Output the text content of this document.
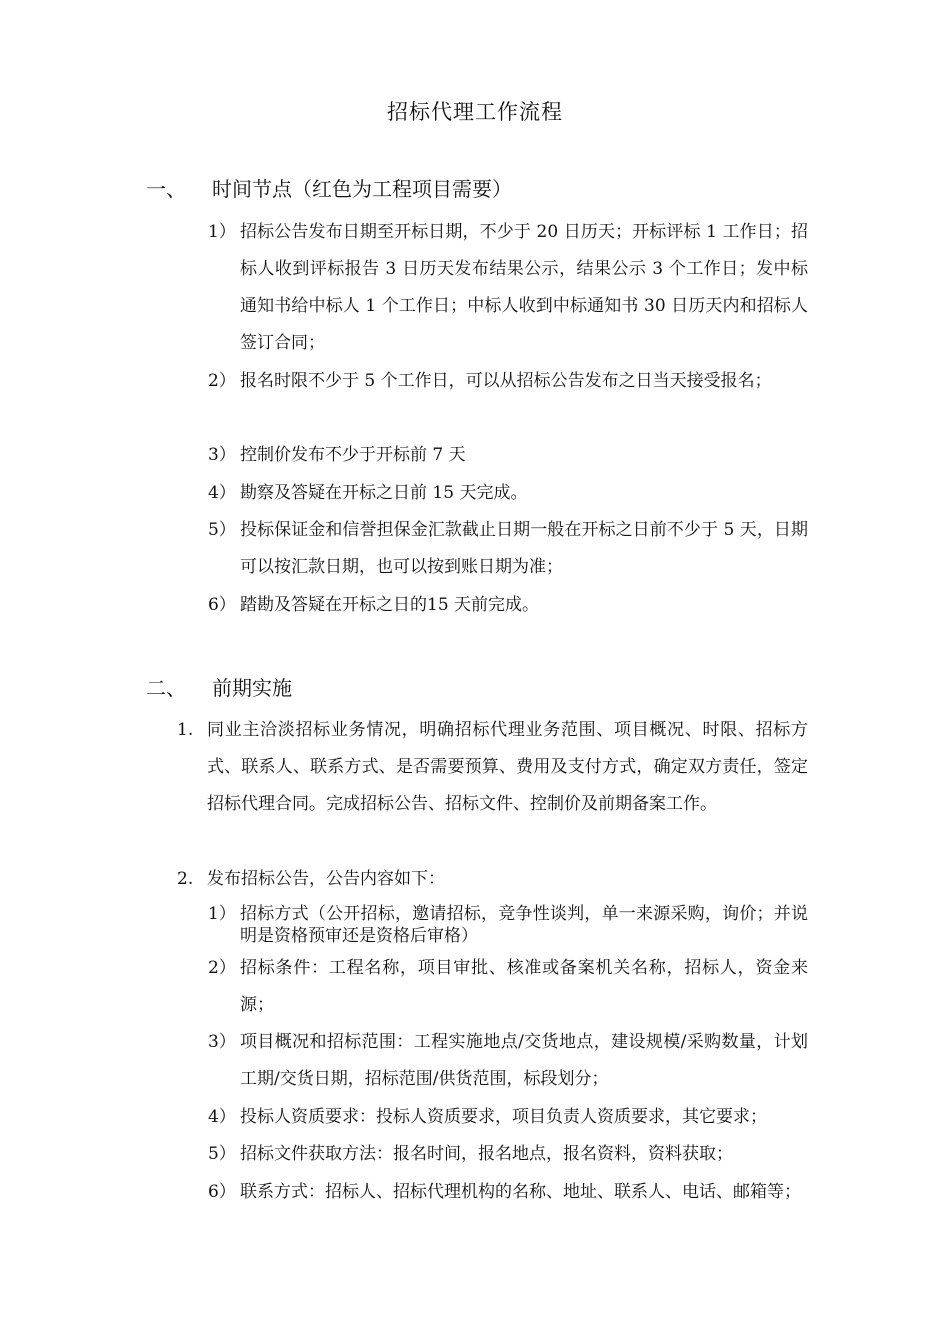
招标代理工作流程
一、 时间节点（红色为工程项目需要）

1） 招标公告发布日期至开标日期，不少于 20 日历天；开标评标 1 工作日；招标人收到评标报告 3 日历天发布结果公示，结果公示 3 个工作日；发中标通知书给中标人 1 个工作日；中标人收到中标通知书 30 日历天内和招标人签订合同；

2） 报名时限不少于 5 个工作日，可以从招标公告发布之日当天接受报名；

3） 控制价发布不少于开标前 7 天

4） 勘察及答疑在开标之日前 15 天完成。

5） 投标保证金和信誉担保金汇款截止日期一般在开标之日前不少于 5 天，日期可以按汇款日期，也可以按到账日期为准；

6） 踏勘及答疑在开标之日的15 天前完成。

二、 前期实施

1. 同业主洽淡招标业务情况，明确招标代理业务范围、项目概况、时限、招标方式、联系人、联系方式、是否需要预算、费用及支付方式，确定双方责任，签定招标代理合同。完成招标公告、招标文件、控制价及前期备案工作。

2. 发布招标公告，公告内容如下：

1） 招标方式（公开招标，邀请招标，竞争性谈判，单一来源采购，询价；并说明是资格预审还是资格后审格）

2） 招标条件：工程名称，项目审批、核准或备案机关名称，招标人，资金来源；

3） 项目概况和招标范围：工程实施地点/交货地点，建设规模/采购数量，计划工期/交货日期，招标范围/供货范围，标段划分；

4） 投标人资质要求：投标人资质要求，项目负责人资质要求，其它要求；

5） 招标文件获取方法：报名时间，报名地点，报名资料，资料获取；

6） 联系方式：招标人、招标代理机构的名称、地址、联系人、电话、邮箱等；
